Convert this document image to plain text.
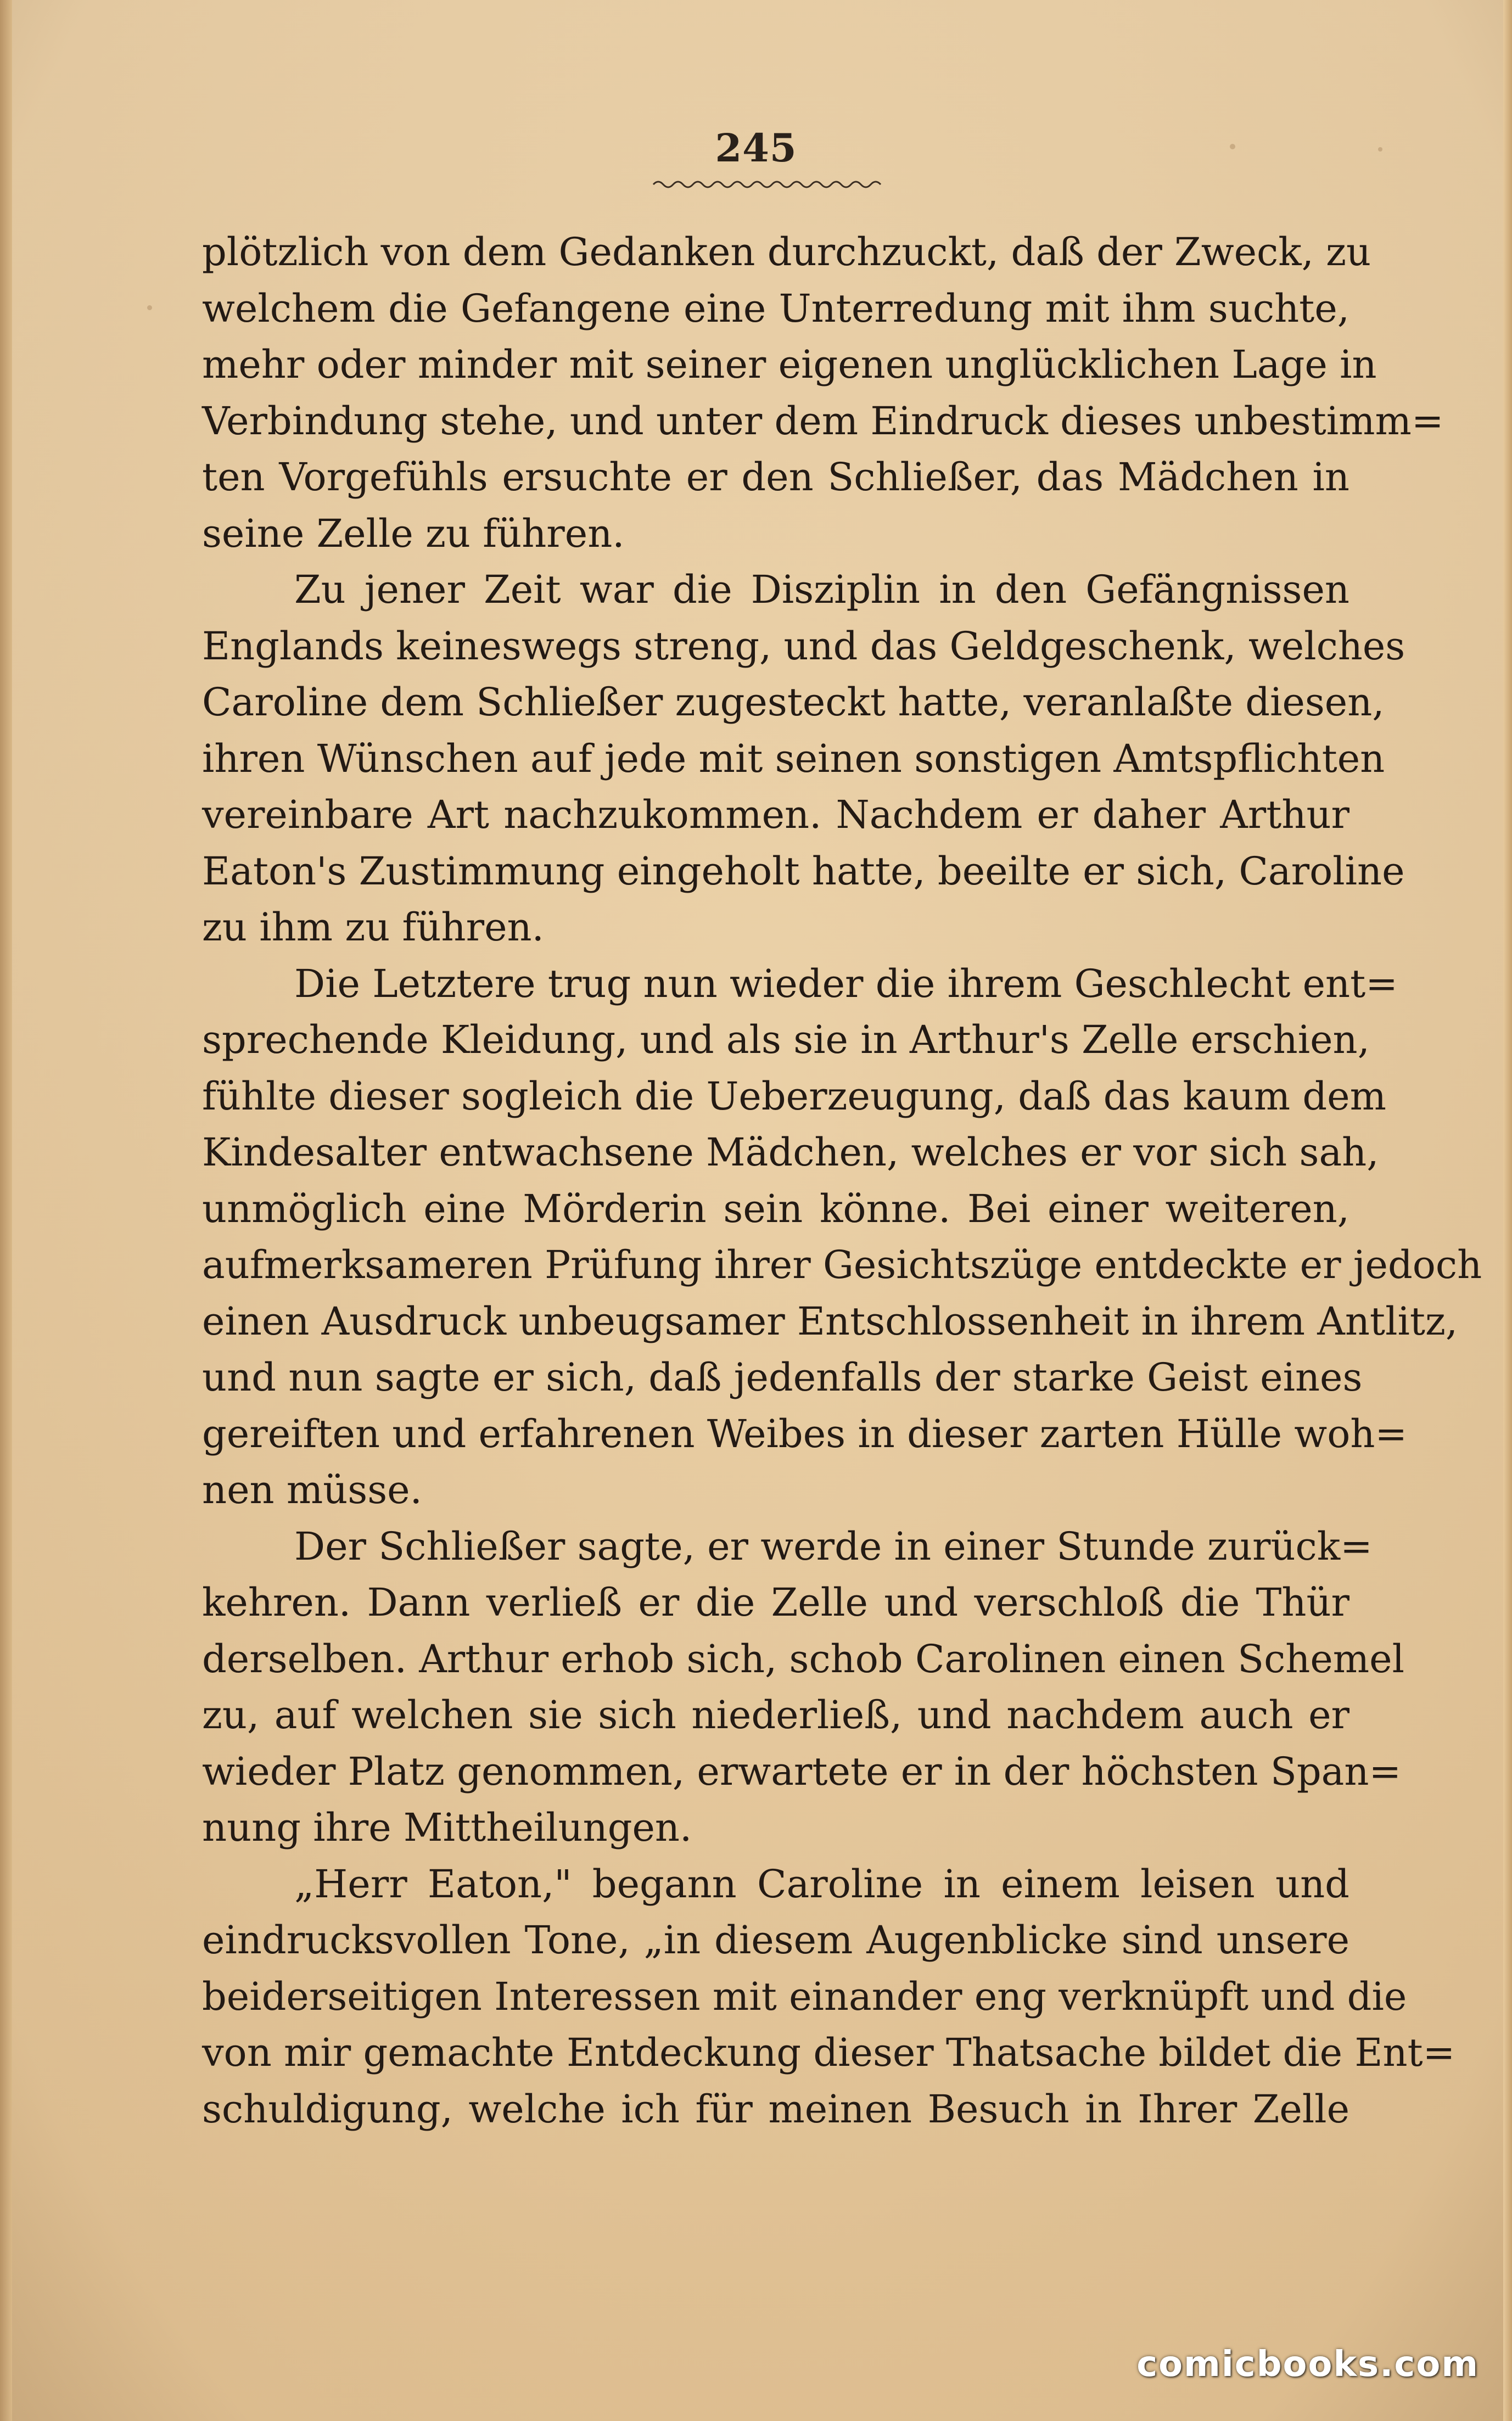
245
plötzlich von dem Gedanken durchzuckt, daß der Zweck, zu
welchem die Gefangene eine Unterredung mit ihm suchte,
mehr oder minder mit seiner eigenen unglücklichen Lage in
Verbindung stehe, und unter dem Eindruck dieses unbestimm=
ten Vorgefühls ersuchte er den Schließer, das Mädchen in
seine Zelle zu führen.
Zu jener Zeit war die Disziplin in den Gefängnissen
Englands keineswegs streng, und das Geldgeschenk, welches
Caroline dem Schließer zugesteckt hatte, veranlaßte diesen,
ihren Wünschen auf jede mit seinen sonstigen Amtspflichten
vereinbare Art nachzukommen. Nachdem er daher Arthur
Eaton's Zustimmung eingeholt hatte, beeilte er sich, Caroline
zu ihm zu führen.
Die Letztere trug nun wieder die ihrem Geschlecht ent=
sprechende Kleidung, und als sie in Arthur's Zelle erschien,
fühlte dieser sogleich die Ueberzeugung, daß das kaum dem
Kindesalter entwachsene Mädchen, welches er vor sich sah,
unmöglich eine Mörderin sein könne. Bei einer weiteren,
aufmerksameren Prüfung ihrer Gesichtszüge entdeckte er jedoch
einen Ausdruck unbeugsamer Entschlossenheit in ihrem Antlitz,
und nun sagte er sich, daß jedenfalls der starke Geist eines
gereiften und erfahrenen Weibes in dieser zarten Hülle woh=
nen müsse.
Der Schließer sagte, er werde in einer Stunde zurück=
kehren. Dann verließ er die Zelle und verschloß die Thür
derselben. Arthur erhob sich, schob Carolinen einen Schemel
zu, auf welchen sie sich niederließ, und nachdem auch er
wieder Platz genommen, erwartete er in der höchsten Span=
nung ihre Mittheilungen.
„Herr Eaton," begann Caroline in einem leisen und
eindrucksvollen Tone, „in diesem Augenblicke sind unsere
beiderseitigen Interessen mit einander eng verknüpft und die
von mir gemachte Entdeckung dieser Thatsache bildet die Ent=
schuldigung, welche ich für meinen Besuch in Ihrer Zelle
comicbooks.com
